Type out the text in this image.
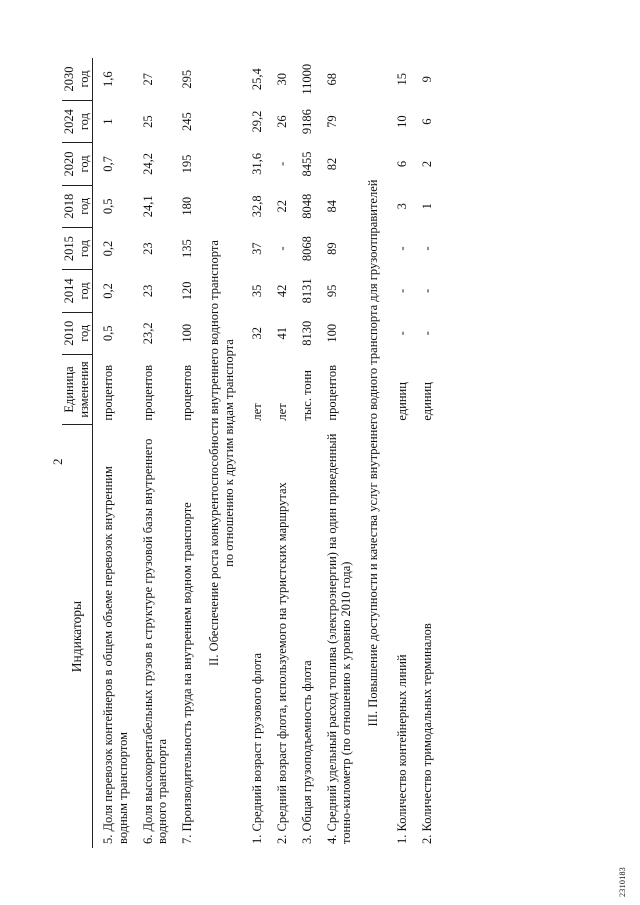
2
Индикаторы	Единица изменения	2010 год	2014 год	2015 год	2018 год	2020 год	2024 год	2030 год
5. Доля перевозок контейнеров в общем объеме перевозок внутренним водным транспортом	процентов	0,5	0,2	0,2	0,5	0,7	1	1,6
6. Доля высокорентабельных грузов в структуре грузовой базы внутреннего водного транспорта	процентов	23,2	23	23	24,1	24,2	25	27
7. Производительность труда на внутреннем водном транспорте	процентов	100	120	135	180	195	245	295

II. Обеспечение роста конкурентоспособности внутреннего водного транспорта по отношению к другим видам транспорта								

1. Средний возраст грузового флота	лет	32	35	37	32,8	31,6	29,2	25,4
2. Средний возраст флота, используемого на туристских маршрутах	лет	41	42	-	22	-	26	30
3. Общая грузоподъемность флота	тыс. тонн	8130	8131	8068	8048	8455	9186	11000
4. Средний удельный расход топлива (электроэнергии) на один приведенный тонно-километр (по отношению к уровню 2010 года)	процентов	100	95	89	84	82	79	68

III. Повышение доступности и качества услуг внутреннего водного транспорта для грузоотправителей								

1. Количество контейнерных линий	единиц	-	-	-	3	6	10	15
2. Количество тримодальных терминалов	единиц	-	-	-	1	2	6	9
2310183
